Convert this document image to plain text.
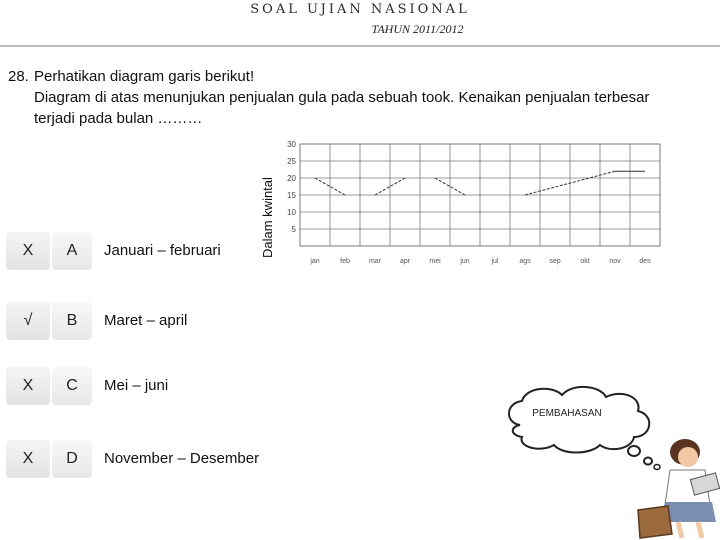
SOAL UJIAN NASIONAL
TAHUN 2011/2012
28. Perhatikan diagram garis berikut!
Diagram di atas menunjukan penjualan gula pada sebuah took. Kenaikan penjualan terbesar
terjadi pada bulan ………
Dalam kwintal
30
25
20
15
10
5
jan	feb	mar	apr	mei	jun	jul	ags	sep	okt	nov	des
X	A	Januari – februari
√	B	Maret – april
X	C	Mei – juni
X	D	November – Desember
PEMBAHASAN
